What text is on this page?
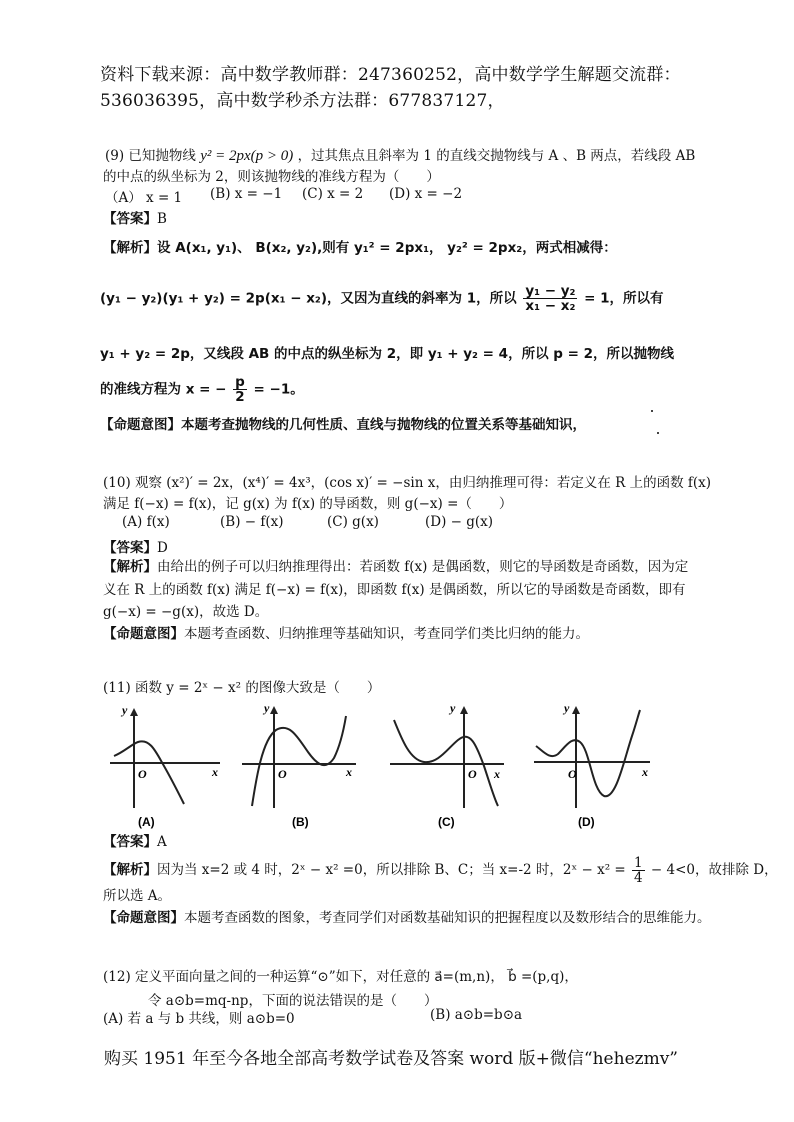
资料下载来源：高中数学教师群：247360252，高中数学学生解题交流群：
536036395，高中数学秒杀方法群：677837127，
(9) 已知抛物线 y² = 2px(p > 0) ，过其焦点且斜率为 1 的直线交抛物线与 A 、B 两点，若线段 AB
的中点的纵坐标为 2，则该抛物线的准线方程为（　　）
（A） x = 1 (B) x = −1 (C) x = 2 (D) x = −2
【答案】B
【解析】设 A(x₁, y₁)、 B(x₂, y₂),则有 y₁² = 2px₁， y₂² = 2px₂，两式相减得：
(y₁ − y₂)(y₁ + y₂) = 2p(x₁ − x₂)，又因为直线的斜率为 1，所以 $\frac{\text{y₁ − y₂}}{\text{x₁ − x₂}} = 1$，所以有
y₁ + y₂ = 2p，又线段 AB 的中点的纵坐标为 2，即 y₁ + y₂ = 4，所以 p = 2，所以抛物线
的准线方程为 x = − $\frac{p}{2} = -1$。
【命题意图】本题考查抛物线的几何性质、直线与抛物线的位置关系等基础知识，
(10) 观察 (x²)′ = 2x，(x⁴)′ = 4x³，(cos x)′ = −sin x，由归纳推理可得：若定义在 R 上的函数 f(x)
满足 f(−x) = f(x)，记 g(x) 为 f(x) 的导函数，则 g(−x) =（　　）
(A) f(x)	(B) − f(x)	(C) g(x)	(D) − g(x)
【答案】D
【解析】由给出的例子可以归纳推理得出：若函数 f(x) 是偶函数，则它的导函数是奇函数，因为定
义在 R 上的函数 f(x) 满足 f(−x) = f(x)，即函数 f(x) 是偶函数，所以它的导函数是奇函数，即有
g(−x) = −g(x)，故选 D。
【命题意图】本题考查函数、归纳推理等基础知识，考查同学们类比归纳的能力。
(11) 函数 y = 2ˣ − x² 的图像大致是（　　）
y
O	x
(A)
y
O	x
(B)
y
O x
(C)
y
O	x
(D)
【答案】A
【解析】因为当 x=2 或 4 时，2ˣ − x² =0，所以排除 B、C；当 x=-2 时，2ˣ − $x^2 = \frac{1}{4} - 4<0$，故排除 D，
所以选 A。
【命题意图】本题考查函数的图象，考查同学们对函数基础知识的把握程度以及数形结合的思维能力。
(12) 定义平面向量之间的一种运算“⊙”如下，对任意的 a⃗=(m,n)， b⃗ =(p,q)，
令 a⊙b=mq-np，下面的说法错误的是（　　）
(A) 若 a 与 b 共线，则 a⊙b=0	(B) a⊙b=b⊙a
购买 1951 年至今各地全部高考数学试卷及答案 word 版+微信“hehezmv”
